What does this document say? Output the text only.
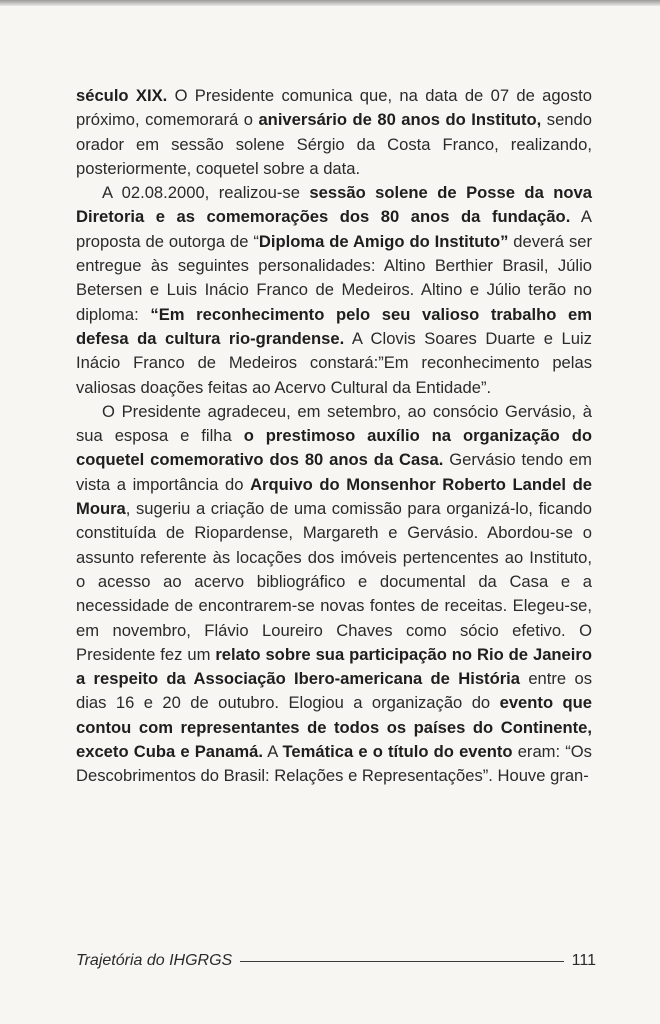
século XIX. O Presidente comunica que, na data de 07 de agosto próximo, comemorará o aniversário de 80 anos do Instituto, sendo orador em sessão solene Sérgio da Costa Franco, realizando, posteriormente, coquetel sobre a data.

A 02.08.2000, realizou-se sessão solene de Posse da nova Diretoria e as comemorações dos 80 anos da fundação. A proposta de outorga de “Diploma de Amigo do Instituto” deverá ser entregue às seguintes personalidades: Altino Berthier Brasil, Júlio Betersen e Luis Inácio Franco de Medeiros. Altino e Júlio terão no diploma: “Em reconhecimento pelo seu valioso trabalho em defesa da cultura rio-grandense. A Clovis Soares Duarte e Luiz Inácio Franco de Medeiros constará:”Em reconhecimento pelas valiosas doações feitas ao Acervo Cultural da Entidade”.

O Presidente agradeceu, em setembro, ao consócio Gervásio, à sua esposa e filha o prestimoso auxílio na organização do coquetel comemorativo dos 80 anos da Casa. Gervásio tendo em vista a importância do Arquivo do Monsenhor Roberto Landel de Moura, sugeriu a criação de uma comissão para organizá-lo, ficando constituída de Riopardense, Margareth e Gervásio. Abordou-se o assunto referente às locações dos imóveis pertencentes ao Instituto, o acesso ao acervo bibliográfico e documental da Casa e a necessidade de encontrarem-se novas fontes de receitas. Elegeu-se, em novembro, Flávio Loureiro Chaves como sócio efetivo. O Presidente fez um relato sobre sua participação no Rio de Janeiro a respeito da Associação Ibero-americana de História entre os dias 16 e 20 de outubro. Elogiou a organização do evento que contou com representantes de todos os países do Continente, exceto Cuba e Panamá. A Temática e o título do evento eram: “Os Descobrimentos do Brasil: Relações e Representações”. Houve gran-

Trajetória do IHGRGS	111
